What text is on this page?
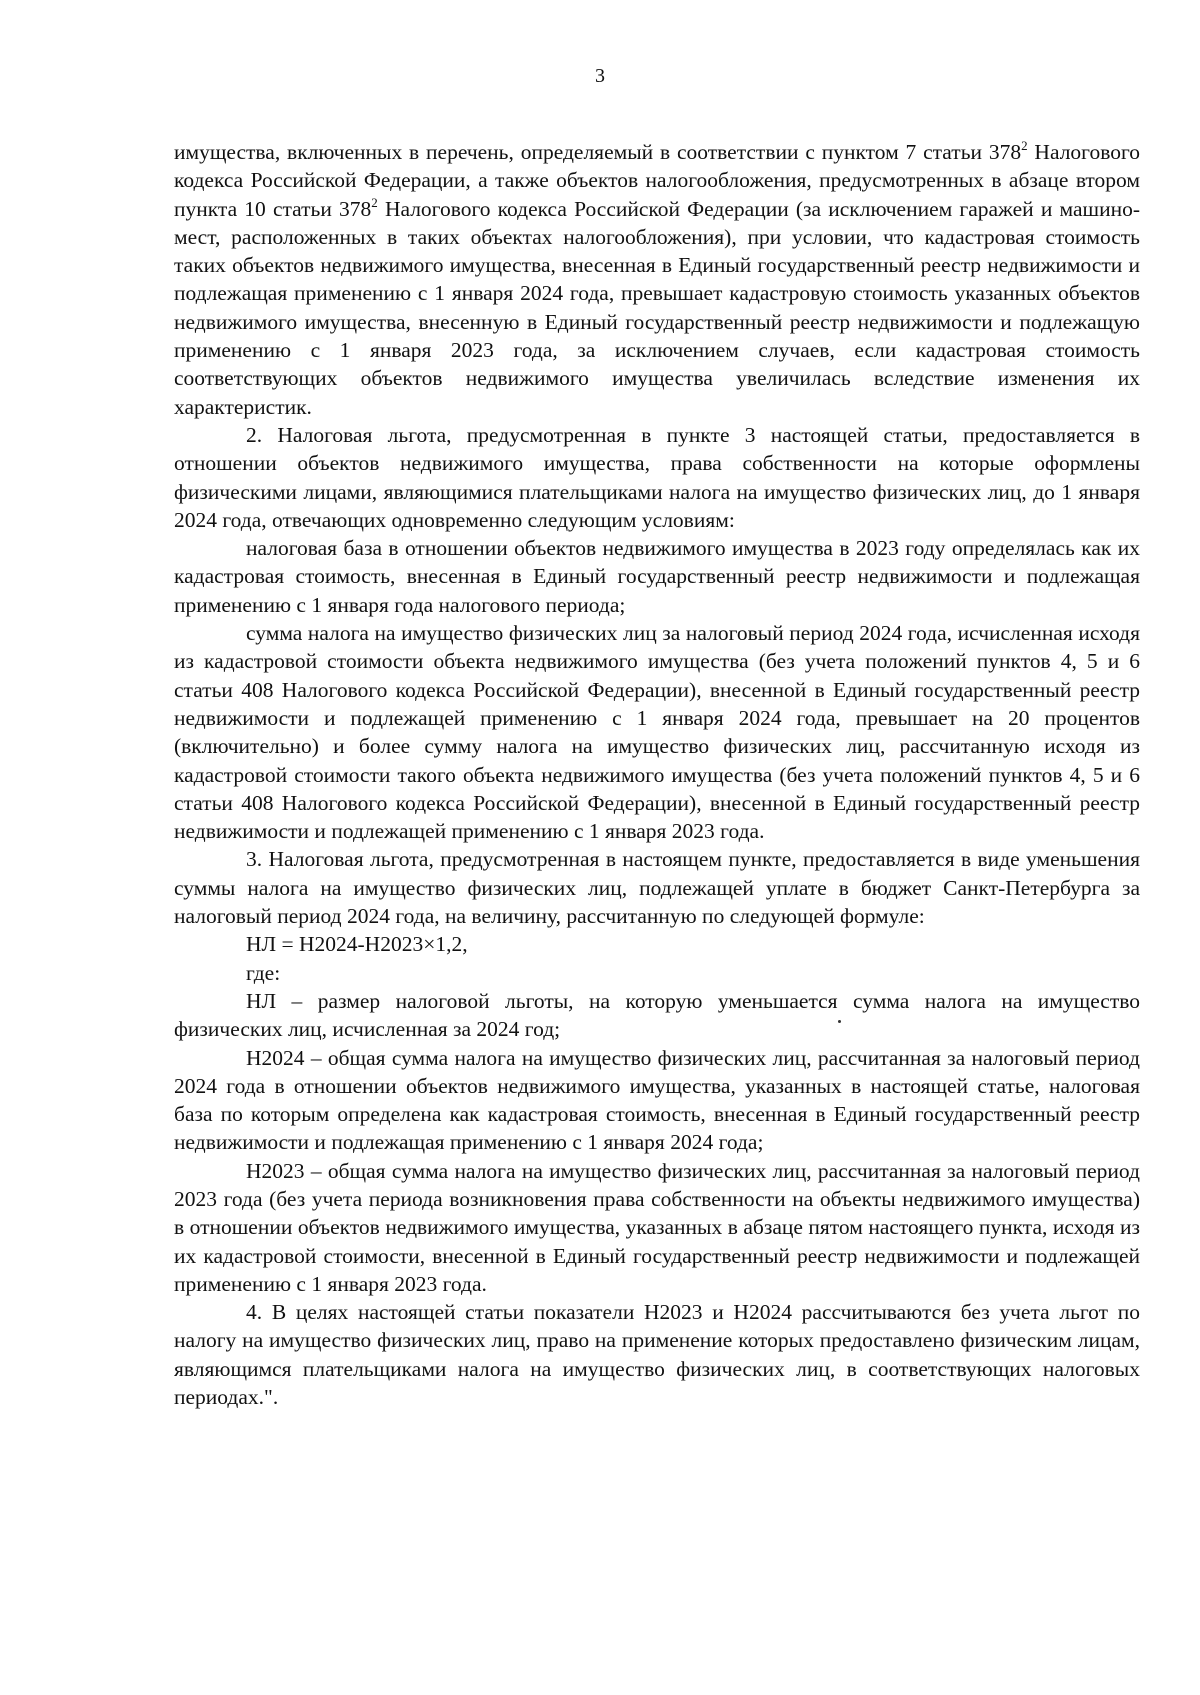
3

имущества, включенных в перечень, определяемый в соответствии с пунктом 7 статьи $378^2$ Налогового кодекса Российской Федерации, а также объектов налогообложения, предусмотренных в абзаце втором пункта 10 статьи $378^2$ Налогового кодекса Российской Федерации (за исключением гаражей и машино-мест, расположенных в таких объектах налогообложения), при условии, что кадастровая стоимость таких объектов недвижимого имущества, внесенная в Единый государственный реестр недвижимости и подлежащая применению с 1 января 2024 года, превышает кадастровую стоимость указанных объектов недвижимого имущества, внесенную в Единый государственный реестр недвижимости и подлежащую применению с 1 января 2023 года, за исключением случаев, если кадастровая стоимость соответствующих объектов недвижимого имущества увеличилась вследствие изменения их характеристик.

2. Налоговая льгота, предусмотренная в пункте 3 настоящей статьи, предоставляется в отношении объектов недвижимого имущества, права собственности на которые оформлены физическими лицами, являющимися плательщиками налога на имущество физических лиц, до 1 января 2024 года, отвечающих одновременно следующим условиям:

налоговая база в отношении объектов недвижимого имущества в 2023 году определялась как их кадастровая стоимость, внесенная в Единый государственный реестр недвижимости и подлежащая применению с 1 января года налогового периода;

сумма налога на имущество физических лиц за налоговый период 2024 года, исчисленная исходя из кадастровой стоимости объекта недвижимого имущества (без учета положений пунктов 4, 5 и 6 статьи 408 Налогового кодекса Российской Федерации), внесенной в Единый государственный реестр недвижимости и подлежащей применению с 1 января 2024 года, превышает на 20 процентов (включительно) и более сумму налога на имущество физических лиц, рассчитанную исходя из кадастровой стоимости такого объекта недвижимого имущества (без учета положений пунктов 4, 5 и 6 статьи 408 Налогового кодекса Российской Федерации), внесенной в Единый государственный реестр недвижимости и подлежащей применению с 1 января 2023 года.

3. Налоговая льгота, предусмотренная в настоящем пункте, предоставляется в виде уменьшения суммы налога на имущество физических лиц, подлежащей уплате в бюджет Санкт-Петербурга за налоговый период 2024 года, на величину, рассчитанную по следующей формуле:

НЛ = Н2024-Н2023×1,2,

где:

НЛ – размер налоговой льготы, на которую уменьшается сумма налога на имущество физических лиц, исчисленная за 2024 год;

Н2024 – общая сумма налога на имущество физических лиц, рассчитанная за налоговый период 2024 года в отношении объектов недвижимого имущества, указанных в настоящей статье, налоговая база по которым определена как кадастровая стоимость, внесенная в Единый государственный реестр недвижимости и подлежащая применению с 1 января 2024 года;

Н2023 – общая сумма налога на имущество физических лиц, рассчитанная за налоговый период 2023 года (без учета периода возникновения права собственности на объекты недвижимого имущества) в отношении объектов недвижимого имущества, указанных в абзаце пятом настоящего пункта, исходя из их кадастровой стоимости, внесенной в Единый государственный реестр недвижимости и подлежащей применению с 1 января 2023 года.

4. В целях настоящей статьи показатели Н2023 и Н2024 рассчитываются без учета льгот по налогу на имущество физических лиц, право на применение которых предоставлено физическим лицам, являющимся плательщиками налога на имущество физических лиц, в соответствующих налоговых периодах.".
